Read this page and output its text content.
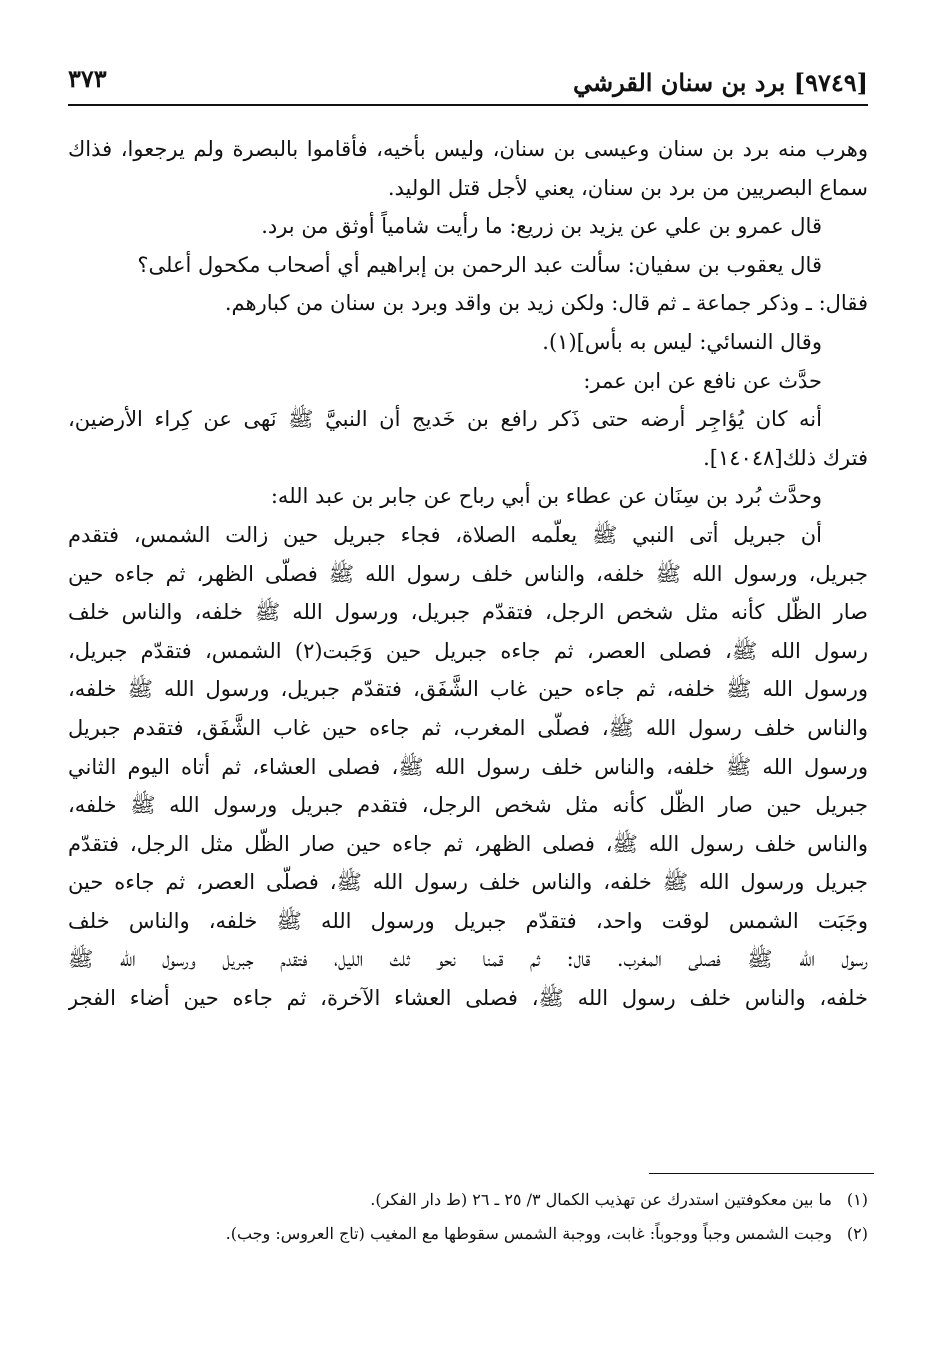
[٩٧٤٩] برد بن سنان القرشي
٣٧٣
وهرب منه برد بن سنان وعيسى بن سنان، وليس بأخيه، فأقاموا بالبصرة ولم يرجعوا، فذاك
سماع البصريين من برد بن سنان، يعني لأجل قتل الوليد.
قال عمرو بن علي عن يزيد بن زريع: ما رأيت شامياً أوثق من برد.
قال يعقوب بن سفيان: سألت عبد الرحمن بن إبراهيم أي أصحاب مكحول أعلى؟
فقال: ـ وذكر جماعة ـ ثم قال: ولكن زيد بن واقد وبرد بن سنان من كبارهم.
وقال النسائي: ليس به بأس](١).
حدَّث عن نافع عن ابن عمر:
أنه كان يُؤاجِر أرضه حتى ذَكر رافع بن خَديج أن النبيَّ ﷺ نَهى عن كِراء الأرضين،
فترك ذلك[١٤٠٤٨].
وحدَّث بُرد بن سِنَان عن عطاء بن أبي رباح عن جابر بن عبد الله:
أن جبريل أتى النبي ﷺ يعلّمه الصلاة، فجاء جبريل حين زالت الشمس، فتقدم
جبريل، ورسول الله ﷺ خلفه، والناس خلف رسول الله ﷺ فصلّى الظهر، ثم جاءه حين
صار الظّل كأنه مثل شخص الرجل، فتقدّم جبريل، ورسول الله ﷺ خلفه، والناس خلف
رسول الله ﷺ، فصلى العصر، ثم جاءه جبريل حين وَجَبت(٢) الشمس، فتقدّم جبريل،
ورسول الله ﷺ خلفه، ثم جاءه حين غاب الشَّفَق، فتقدّم جبريل، ورسول الله ﷺ خلفه،
والناس خلف رسول الله ﷺ، فصلّى المغرب، ثم جاءه حين غاب الشَّفَق، فتقدم جبريل
ورسول الله ﷺ خلفه، والناس خلف رسول الله ﷺ، فصلى العشاء، ثم أتاه اليوم الثاني
جبريل حين صار الظّل كأنه مثل شخص الرجل، فتقدم جبريل ورسول الله ﷺ خلفه،
والناس خلف رسول الله ﷺ، فصلى الظهر، ثم جاءه حين صار الظّل مثل الرجل، فتقدّم
جبريل ورسول الله ﷺ خلفه، والناس خلف رسول الله ﷺ، فصلّى العصر، ثم جاءه حين
وجَبَت الشمس لوقت واحد، فتقدّم جبريل ورسول الله ﷺ خلفه، والناس خلف
رسول الله ﷺ فصلى المغرب. قال: ثم قمنا نحو ثلث الليل، فتقدم جبريل ورسول الله ﷺ
خلفه، والناس خلف رسول الله ﷺ، فصلى العشاء الآخرة، ثم جاءه حين أضاء الفجر
(١)ما بين معكوفتين استدرك عن تهذيب الكمال ٣/ ٢٥ ـ ٢٦ (ط دار الفكر).
(٢)وجبت الشمس وجباً ووجوباً: غابت، ووجبة الشمس سقوطها مع المغيب (تاج العروس: وجب).
